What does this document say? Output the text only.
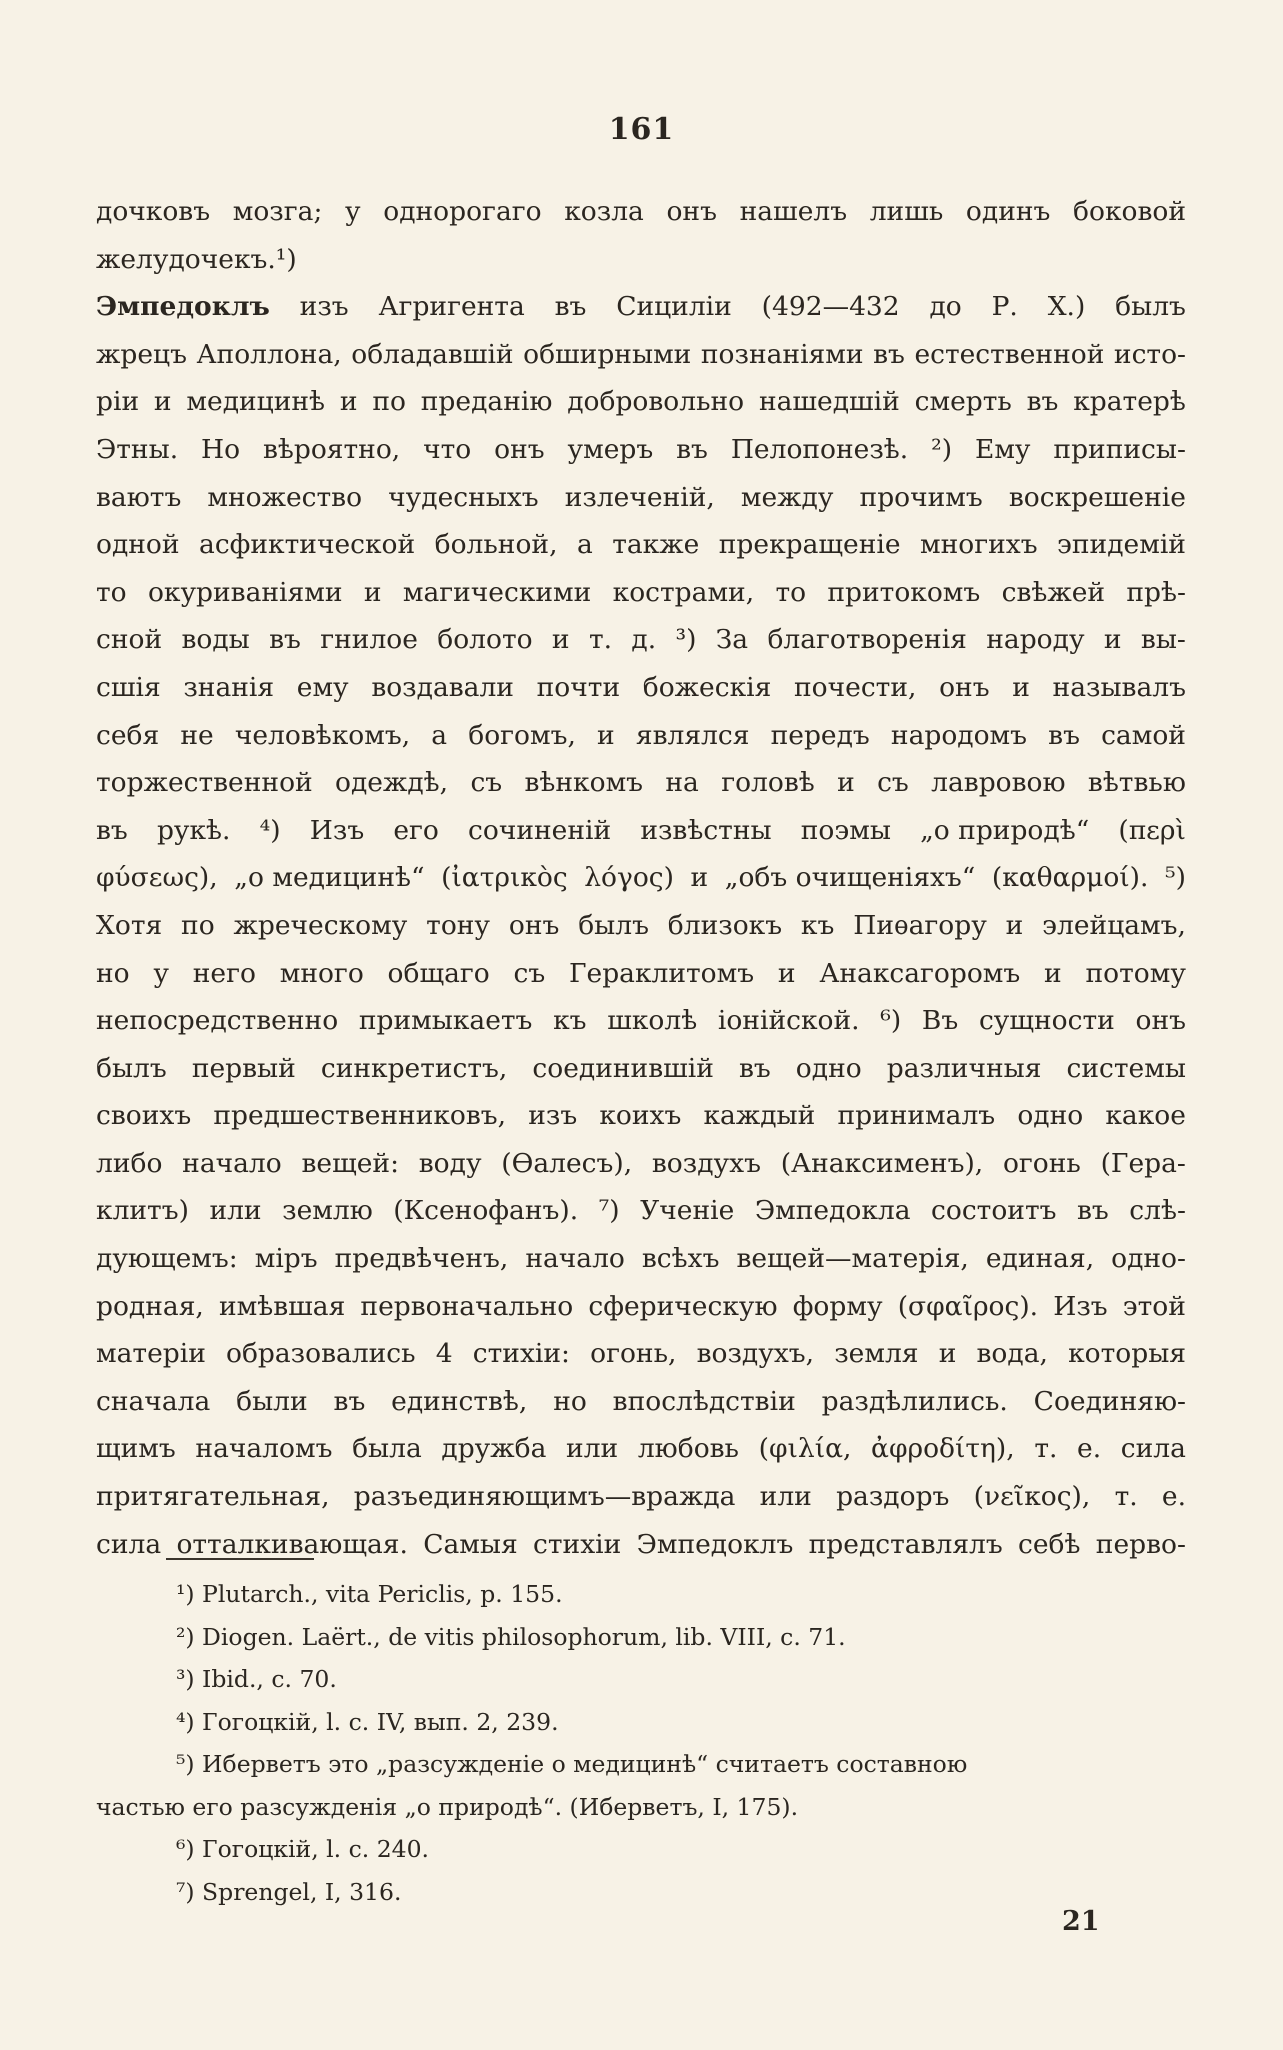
161
дочковъ мозга; у однорогаго козла онъ нашелъ лишь одинъ боковой
желудочекъ.¹)
Эмпедоклъ изъ Агригента въ Сициліи (492—432 до Р. Х.) былъ
жрецъ Аполлона, обладавшій обширными познаніями въ естественной исто-
ріи и медицинѣ и по преданію добровольно нашедшій смерть въ кратерѣ
Этны. Но вѣроятно, что онъ умеръ въ Пелопонезѣ. ²) Ему приписы-
ваютъ множество чудесныхъ излеченій, между прочимъ воскрешеніе
одной асфиктической больной, а также прекращеніе многихъ эпидемій
то окуриваніями и магическими кострами, то притокомъ свѣжей прѣ-
сной воды въ гнилое болото и т. д. ³) За благотворенія народу и вы-
сшія знанія ему воздавали почти божескія почести, онъ и называлъ
себя не человѣкомъ, а богомъ, и являлся передъ народомъ въ самой
торжественной одеждѣ, съ вѣнкомъ на головѣ и съ лавровою вѣтвью
въ рукѣ. ⁴) Изъ его сочиненій извѣстны поэмы „о природѣ“ (περὶ
φύσεως), „о медицинѣ“ (ἰατρικὸς λόγος) и „объ очищеніяхъ“ (καθαρμοί). ⁵)
Хотя по жреческому тону онъ былъ близокъ къ Пиѳагору и элейцамъ,
но у него много общаго съ Гераклитомъ и Анаксагоромъ и потому
непосредственно примыкаетъ къ школѣ іонійской. ⁶) Въ сущности онъ
былъ первый синкретистъ, соединившій въ одно различныя системы
своихъ предшественниковъ, изъ коихъ каждый принималъ одно какое
либо начало вещей: воду (Ѳалесъ), воздухъ (Анаксименъ), огонь (Гера-
клитъ) или землю (Ксенофанъ). ⁷) Ученіе Эмпедокла состоитъ въ слѣ-
дующемъ: міръ предвѣченъ, начало всѣхъ вещей—матерія, единая, одно-
родная, имѣвшая первоначально сферическую форму (σφαῖρος). Изъ этой
матеріи образовались 4 стихіи: огонь, воздухъ, земля и вода, которыя
сначала были въ единствѣ, но впослѣдствіи раздѣлились. Соединяю-
щимъ началомъ была дружба или любовь (φιλία, ἀφροδίτη), т. е. сила
притягательная, разъединяющимъ—вражда или раздоръ (νεῖκος), т. е.
сила отталкивающая. Самыя стихіи Эмпедоклъ представлялъ себѣ перво-
¹) Plutarch., vita Periclis, p. 155.
²) Diogen. Laërt., de vitis philosophorum, lib. VIII, c. 71.
³) Ibid., c. 70.
⁴) Гогоцкій, l. c. IV, вып. 2, 239.
⁵) Иберветъ это „разсужденіе о медицинѣ“ считаетъ составною
частью его разсужденія „о природѣ“. (Иберветъ, I, 175).
⁶) Гогоцкій, l. c. 240.
⁷) Sprengel, I, 316.
21
